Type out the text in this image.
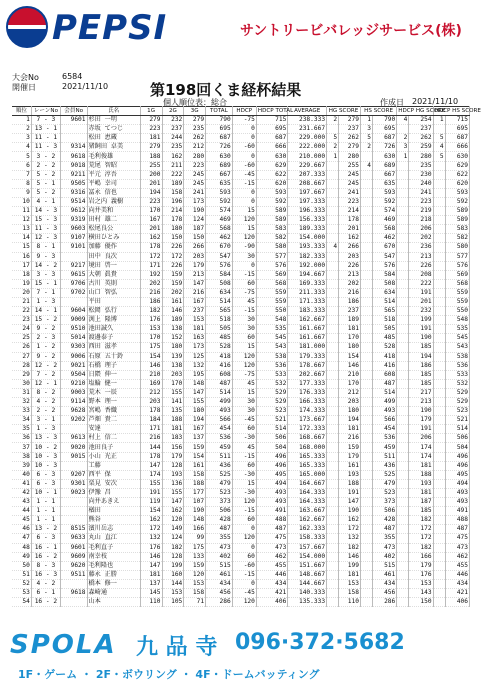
PEPSI	サントリービバレッジサービス(株)
大会No	6584
開催日	2021/11/10	第198回くま経杯結果
個人順位表：総合	作成日 2021/11/10
順位	レーンNo	会員No	氏名	1G	2G	3G	TOTAL	HDCP	HDCP TOTAL	AVERAGE	HG SCORE		HS SCORE		HDCP HG SCORE		HDCP HS SCORE	
1	7 - 3	9601	杉田 一明	279	232	279	790	-75	715	238.333	2	279	1	790	4	254	1	715
2	13 - 1		赤坂 てつじ	223	237	235	695	0	695	231.667		237	3	695		237		695
3	11 - 1		松田 恵蔵	181	244	262	687	0	687	229.000	5	262	5	687	2	262	5	687
4	11 - 3	9314	猪飼田 卓美	279	235	212	726	-60	666	222.000	2	279	2	726	3	259	4	666
5	3 - 2	9618	毛利俊雄	188	162	280	630	0	630	210.000	1	280		630	1	280	5	630
6	2 - 2	9018	荒尾 智昭	255	211	223	689	-60	629	229.667		255	4	689		235		629
7	5 - 2	9211	平元 淳吾	200	222	245	667	-45	622	207.333		245		667		230		622
8	5 - 1	9505	平嶋 幸司	201	189	245	635	-15	620	208.667		245		635		240		620
9	5 - 2	9316	冨永 信也	194	158	241	593	0	593	197.667		241		593		241		593
10	4 - 1	9514	岩之内 義樹	223	196	173	592	0	592	197.333		223		592		223		592
11	14 - 3	9612	向井美和	170	214	190	574	15	589	196.333		214		574		219		589
12	15 - 3	9319	田村 雄二	167	178	124	469	120	589	156.333		178		469		218		589
13	11 - 3	9603	松尾良公	201	180	187	568	15	583	189.333		201		568		206		583
14	12 - 3	9107	横田ひとみ	162	150	150	462	120	582	154.000		162		462		202		582
15	8 - 1	9101	加藤 優作	178	226	266	670	-90	580	193.333	4	266		670		236		580
16	9 - 3		田中 良次	172	172	203	547	30	577	182.333		203		547		213		577
17	14 - 2	9217	境田 啓一	171	226	179	576	0	576	192.000		226		576		226		576
18	3 - 3	9615	大朝 眞貴	192	159	213	584	-15	569	194.667		213		584		208		569
19	15 - 1	9706	古川 英則	202	159	147	508	60	568	169.333		202		508		222		568
20	7 - 1	9702	山口 智弘	216	202	216	634	-75	559	211.333		216		634		191		559
21	1 - 3		平田	186	161	167	514	45	559	171.333		186		514		201		559
22	14 - 1	9604	松岡 弘行	182	146	237	565	-15	550	183.333		237		565		232		550
23	15 - 2	9009	渕上 隆博	176	189	153	518	30	548	162.667		189		518		199		548
24	9 - 2	9510	池田誠久	153	138	181	505	30	535	161.667		181		505		191		535
25	2 - 3	5014	渡邊泰子	170	152	163	485	60	545	161.667		170		485		190		545
26	1 - 2	9303	西田 滋孝	175	180	173	528	15	543	181.000		180		528		185		543
27	9 - 2	9006	石原 五十鈴	154	139	125	418	120	538	179.333		154		418		194		538
28	12 - 2	9021	石橋 理子	146	138	132	416	120	536	178.667		146		416		186		536
29	7 - 2	9504	日隈 伸一	210	203	195	608	-75	533	202.667		210		608		185		533
30	12 - 1	9210	塩輪 健一	169	170	148	487	45	532	177.333		170		487		185		532
31	8 - 2	9003	荒木 一辰	212	155	147	514	15	529	176.333		212		514		217		529
32	4 - 2	9114	野本 理一	203	141	155	499	30	529	166.333		203		499		213		529
33	2 - 2	9628	宮嶋 香織	178	135	180	493	30	523	174.333		180		493		190		523
34	3 - 1	9202	芦畑 貴二	184	188	194	566	-45	521	173.667		194		566		179		521
35	1 - 3		安達	171	181	167	454	60	514	172.333		181		454		191		514
36	13 - 3	9613	村上 信二	216	183	137	536	-30	506	168.667		216		536		206		506
37	10 - 2	9020	池田良子	144	156	159	459	45	504	168.000		159		459		174		504
38	10 - 3	9015	小山 光正	178	179	154	511	-15	496	165.333		179		511		174		496
39	10 - 3		工藤	147	128	161	436	60	496	165.333		161		436		181		496
40	6 - 3	9207	西平 保	174	193	158	525	-30	495	165.000		193		525		188		495
41	6 - 3	9301	栗見 安次	155	136	188	479	15	494	164.667		188		479		193		494
42	10 - 1	9023	伊豫 昌	191	155	177	523	-30	493	164.333		191		523		181		493
43	1 - 1		向井あきえ	119	147	107	373	120	493	164.333		147		373		187		493
44	1 - 1		楢田	154	162	190	506	-15	491	163.667		190		506		185		491
45	1 - 1		熊谷	162	120	148	428	60	488	162.667		162		428		182		488
46	13 - 2	8515	濱川岳志	172	149	166	487	0	487	162.333		172		487		172		487
47	6 - 3	9633	丸山 直江	132	124	99	355	120	475	158.333		132		355		172		475
48	16 - 1	9601	毛利直子	176	182	175	473	0	473	157.667		182		473		182		473
49	16 - 2	9609	南幸枝	146	128	133	402	60	462	154.000		146		402		166		462
50	8 - 3	9620	毛利隆也	147	199	159	515	-60	455	151.667		199		515		179		455
51	16 - 3	9511	藤永 正勝	181	160	120	461	-15	446	148.667		181		461		176		446
52	4 - 2		橋本 修一	137	144	153	434	0	434	144.667		153		434		153		434
53	6 - 1	9618	森崎通	145	153	158	456	-45	421	140.333		158		456		143		421
54	16 - 2		山本	110	105	71	286	120	406	135.333		110		286		150		406
SPOLA 九 品 寺 096·372·5682
1F・ゲーム ・ 2F・ボウリング ・ 4F・ドームバッティング
